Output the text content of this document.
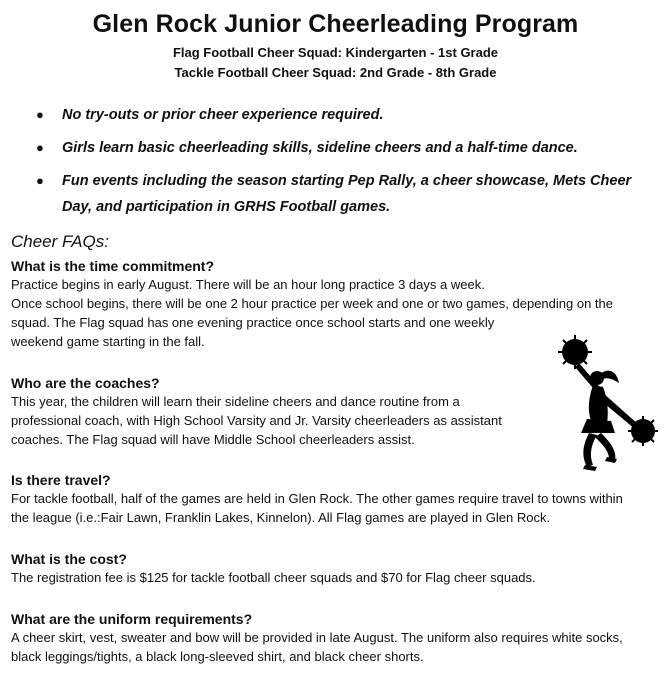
Glen Rock Junior Cheerleading Program
Flag Football Cheer Squad: Kindergarten - 1st Grade
Tackle Football Cheer Squad: 2nd Grade - 8th Grade
● No try-outs or prior cheer experience required.
● Girls learn basic cheerleading skills, sideline cheers and a half-time dance.
● Fun events including the season starting Pep Rally, a cheer showcase, Mets Cheer Day, and participation in GRHS Football games.
Cheer FAQs:

What is the time commitment?

Practice begins in early August. There will be an hour long practice 3 days a week.
Once school begins, there will be one 2 hour practice per week and one or two games, depending on the
squad. The Flag squad has one evening practice once school starts and one weekly
weekend game starting in the fall.

Who are the coaches?

This year, the children will learn their sideline cheers and dance routine from a
professional coach, with High School Varsity and Jr. Varsity cheerleaders as assistant
coaches. The Flag squad will have Middle School cheerleaders assist.

Is there travel?

For tackle football, half of the games are held in Glen Rock. The other games require travel to towns within
the league (i.e.:Fair Lawn, Franklin Lakes, Kinnelon). All Flag games are played in Glen Rock.

What is the cost?

The registration fee is $125 for tackle football cheer squads and $70 for Flag cheer squads.

What are the uniform requirements?

A cheer skirt, vest, sweater and bow will be provided in late August. The uniform also requires white socks,
black leggings/tights, a black long-sleeved shirt, and black cheer shorts.
